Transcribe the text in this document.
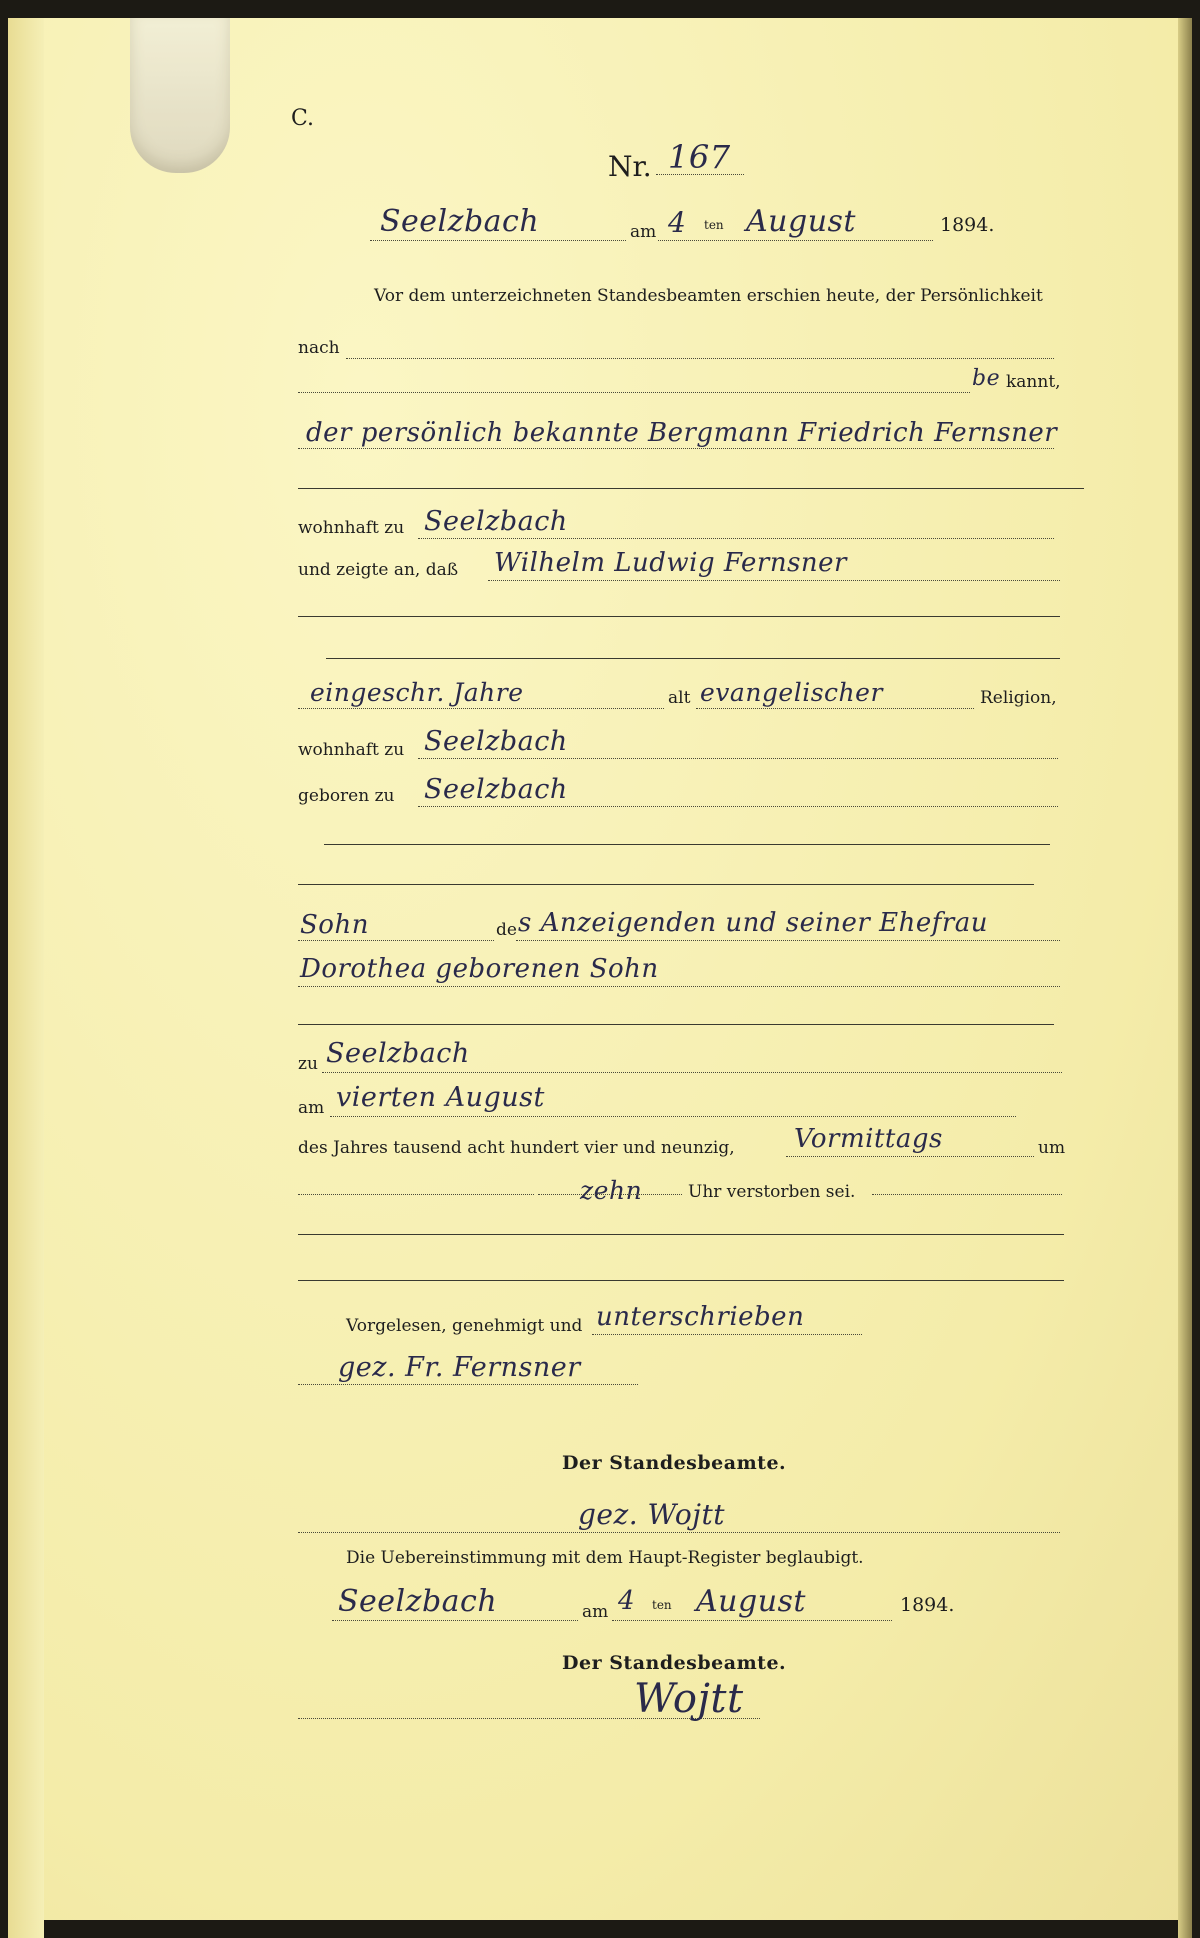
C.
Nr. 167
Seelzbach	am 4 ten August	1894.
Vor dem unterzeichneten Standesbeamten erschien heute, der Persönlichkeit
nach
be kannt,
der persönlich bekannte Bergmann Friedrich Fernsner
wohnhaft zu Seelzbach
und zeigte an, daß Wilhelm Ludwig Fernsner
eingeschr. Jahre	alt evangelischer	Religion,
wohnhaft zu Seelzbach
geboren zu Seelzbach
Sohn	de s Anzeigenden und seiner Ehefrau
Dorothea geborenen Sohn
zu Seelzbach
am vierten August
des Jahres tausend acht hundert vier und neunzig, Vormittags	um
zehn	Uhr verstorben sei.
Vorgelesen, genehmigt und unterschrieben
gez. Fr. Fernsner
Der Standesbeamte.
gez. Wojtt
Die Uebereinstimmung mit dem Haupt-Register beglaubigt.
Seelzbach	am 4 ten August	1894.
Der Standesbeamte.
Wojtt
